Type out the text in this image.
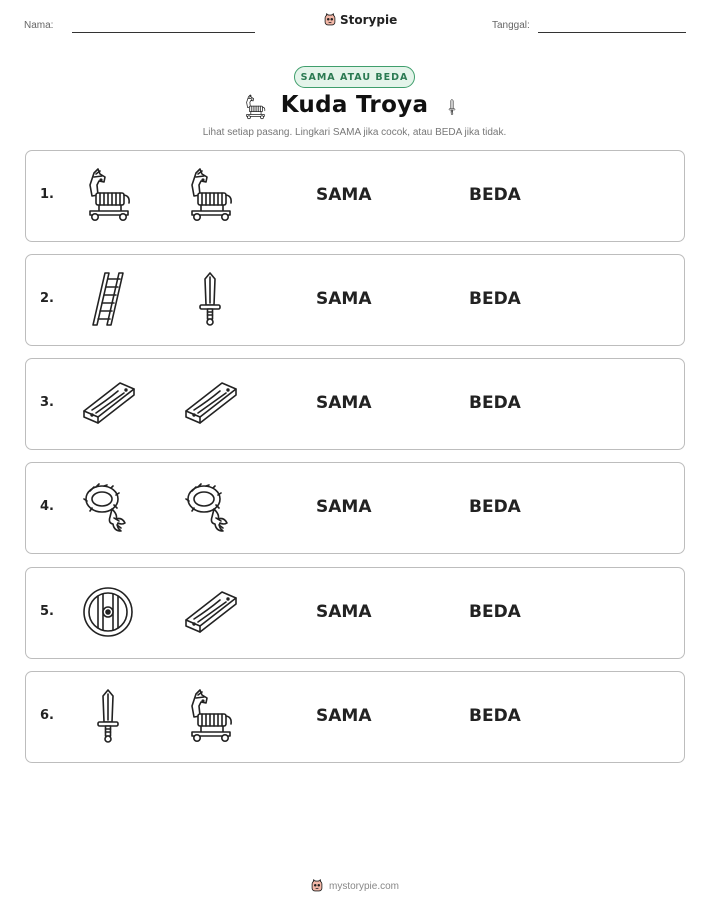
Nama:	Storypie	Tanggal:
SAMA ATAU BEDA
Kuda Troya
Lihat setiap pasang. Lingkari SAMA jika cocok, atau BEDA jika tidak.
1.	SAMA	BEDA
2.	SAMA	BEDA
3.	SAMA	BEDA
4.	SAMA	BEDA
5.	SAMA	BEDA
6.	SAMA	BEDA
mystorypie.com
